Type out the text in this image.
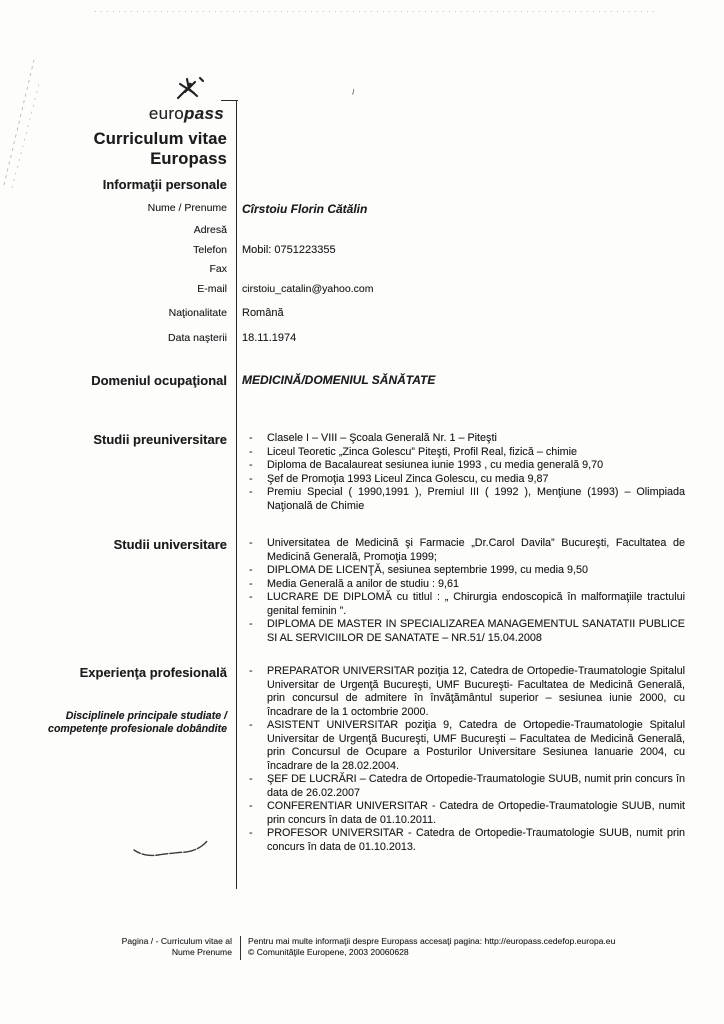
europass
Curriculum vitae
Europass
Informaţii personale
Nume / Prenume	Cîrstoiu Florin Cătălin
Adresă
Telefon	Mobil: 0751223355
Fax
E-mail	cirstoiu_catalin@yahoo.com
Naţionalitate	Română
Data naşterii	18.11.1974
Domeniul ocupaţional	MEDICINĂ/DOMENIUL SĂNĂTATE
Studii preuniversitare	-	Clasele I – VIII – Şcoala Generală Nr. 1 – Piteşti
-	Liceul Teoretic „Zinca Golescu” Piteşti, Profil Real, fizică – chimie
-	Diploma de Bacalaureat sesiunea iunie 1993 , cu media generală 9,70
-	Şef de Promoţia 1993 Liceul Zinca Golescu, cu media 9,87
-	Premiu Special ( 1990,1991 ), Premiul III ( 1992 ), Menţiune (1993) – Olimpiada Naţională de Chimie
Studii universitare	-	Universitatea de Medicină şi Farmacie „Dr.Carol Davila” Bucureşti, Facultatea de Medicină Generală, Promoţia 1999;
-	DIPLOMA DE LICENŢĂ, sesiunea septembrie 1999, cu media 9,50
-	Media Generală a anilor de studiu : 9,61
-	LUCRARE DE DIPLOMĂ cu titlul : „ Chirurgia endoscopică în malformaţiile tractului genital feminin ”.
-	DIPLOMA DE MASTER IN SPECIALIZAREA MANAGEMENTUL SANATATII PUBLICE SI AL SERVICIILOR DE SANATATE – NR.51/ 15.04.2008
Experienţa profesională
Disciplinele principale studiate /
competenţe profesionale dobândite
-	PREPARATOR UNIVERSITAR poziţia 12, Catedra de Ortopedie-Traumatologie Spitalul Universitar de Urgenţă Bucureşti, UMF Bucureşti- Facultatea de Medicină Generală, prin concursul de admitere în învăţământul superior – sesiunea iunie 2000, cu încadrare de la 1 octombrie 2000.
-	ASISTENT UNIVERSITAR poziţia 9, Catedra de Ortopedie-Traumatologie Spitalul Universitar de Urgenţă Bucureşti, UMF Bucureşti – Facultatea de Medicină Generală, prin Concursul de Ocupare a Posturilor Universitare Sesiunea Ianuarie 2004, cu încadrare de la 28.02.2004.
-	ŞEF DE LUCRĂRI – Catedra de Ortopedie-Traumatologie SUUB, numit prin concurs în data de 26.02.2007
-	CONFERENTIAR UNIVERSITAR - Catedra de Ortopedie-Traumatologie SUUB, numit prin concurs în data de 01.10.2011.
-	PROFESOR UNIVERSITAR - Catedra de Ortopedie-Traumatologie SUUB, numit prin concurs în data de 01.10.2013.
Pagina / - Curriculum vitae al
Nume Prenume
Pentru mai multe informaţii despre Europass accesaţi pagina: http://europass.cedefop.europa.eu
© Comunităţile Europene, 2003 20060628
